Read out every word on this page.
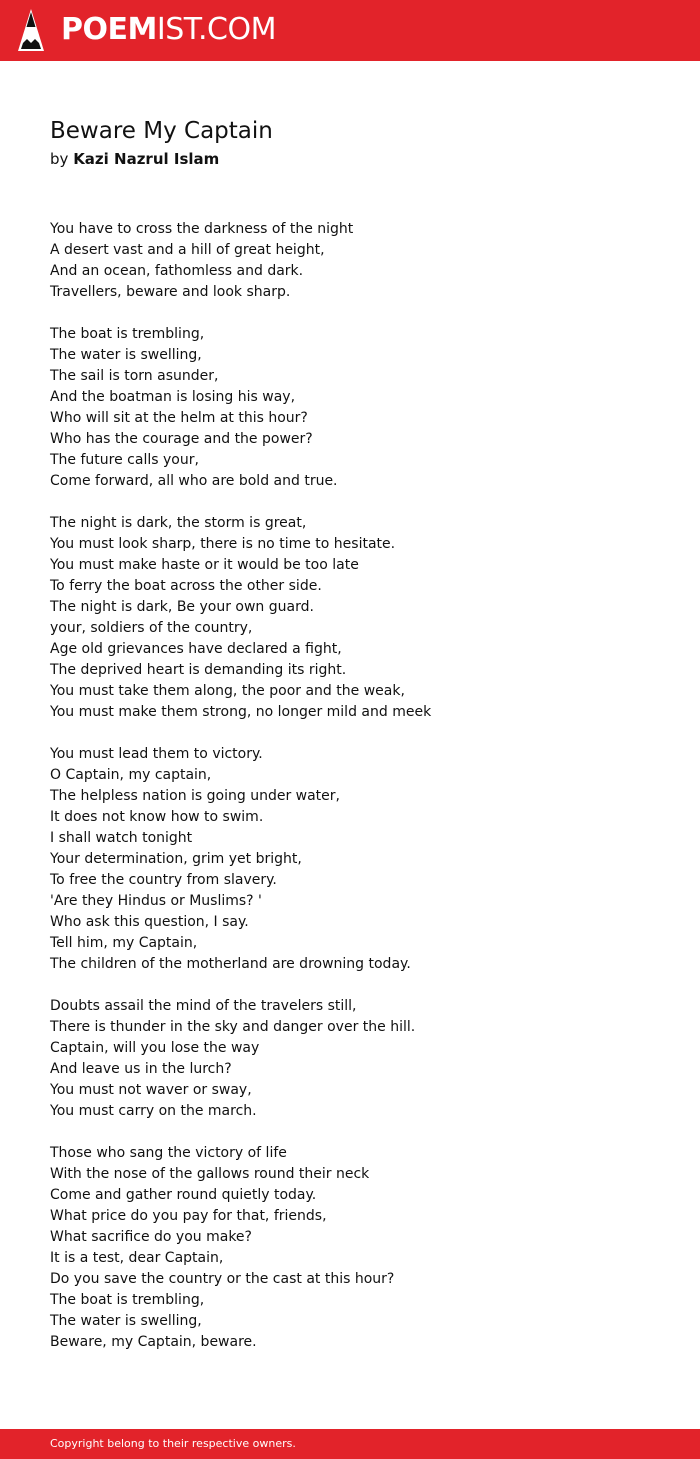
POEMIST.COM
Beware My Captain
by Kazi Nazrul Islam
You have to cross the darkness of the night
A desert vast and a hill of great height,
And an ocean, fathomless and dark.
Travellers, beware and look sharp.
The boat is trembling,
The water is swelling,
The sail is torn asunder,
And the boatman is losing his way,
Who will sit at the helm at this hour?
Who has the courage and the power?
The future calls your,
Come forward, all who are bold and true.
The night is dark, the storm is great,
You must look sharp, there is no time to hesitate.
You must make haste or it would be too late
To ferry the boat across the other side.
The night is dark, Be your own guard.
your, soldiers of the country,
Age old grievances have declared a fight,
The deprived heart is demanding its right.
You must take them along, the poor and the weak,
You must make them strong, no longer mild and meek
You must lead them to victory.
O Captain, my captain,
The helpless nation is going under water,
It does not know how to swim.
I shall watch tonight
Your determination, grim yet bright,
To free the country from slavery.
'Are they Hindus or Muslims? '
Who ask this question, I say.
Tell him, my Captain,
The children of the motherland are drowning today.
Doubts assail the mind of the travelers still,
There is thunder in the sky and danger over the hill.
Captain, will you lose the way
And leave us in the lurch?
You must not waver or sway,
You must carry on the march.
Those who sang the victory of life
With the nose of the gallows round their neck
Come and gather round quietly today.
What price do you pay for that, friends,
What sacrifice do you make?
It is a test, dear Captain,
Do you save the country or the cast at this hour?
The boat is trembling,
The water is swelling,
Beware, my Captain, beware.
Copyright belong to their respective owners.
